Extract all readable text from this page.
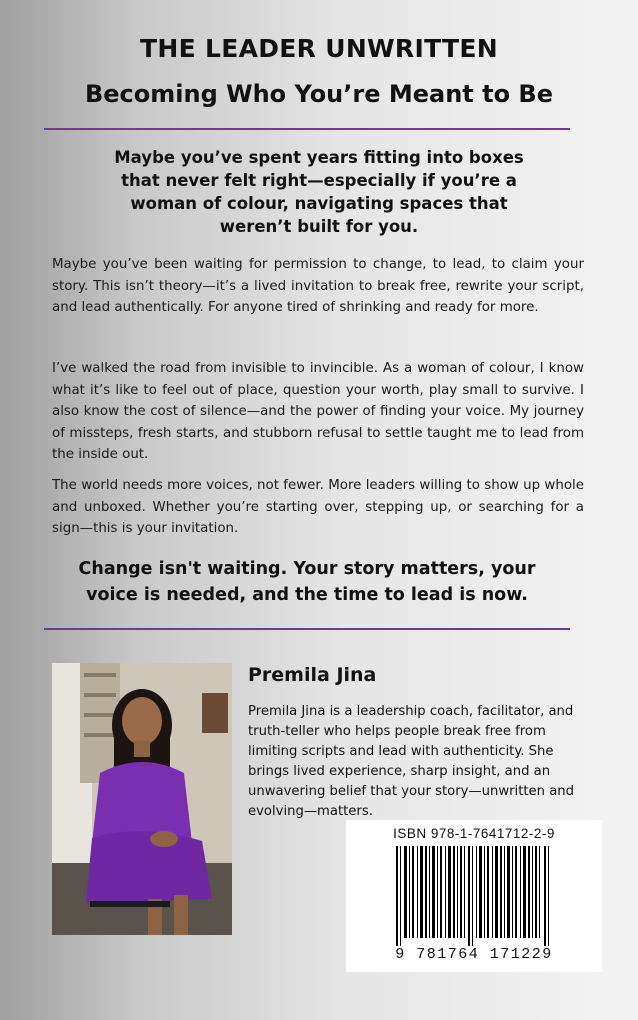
THE LEADER UNWRITTEN
Becoming Who You’re Meant to Be
Maybe you’ve spent years fitting into boxes
that never felt right—especially if you’re a
woman of colour, navigating spaces that
weren’t built for you.
Maybe you’ve been waiting for permission to change, to lead, to claim your story. This isn’t theory—it’s a lived invitation to break free, rewrite your script, and lead authentically. For anyone tired of shrinking and ready for more.
I’ve walked the road from invisible to invincible. As a woman of colour, I know what it’s like to feel out of place, question your worth, play small to survive. I also know the cost of silence—and the power of finding your voice. My journey of missteps, fresh starts, and stubborn refusal to settle taught me to lead from the inside out.
The world needs more voices, not fewer. More leaders willing to show up whole and unboxed. Whether you’re starting over, stepping up, or searching for a sign—this is your invitation.
Change isn't waiting. Your story matters, your
voice is needed, and the time to lead is now.
Premila Jina
Premila Jina is a leadership coach, facilitator, and truth-teller who helps people break free from limiting scripts and lead with authenticity. She brings lived experience, sharp insight, and an unwavering belief that your story—unwritten and evolving—matters.
ISBN 978-1-7641712-2-9
9 781764 171229
